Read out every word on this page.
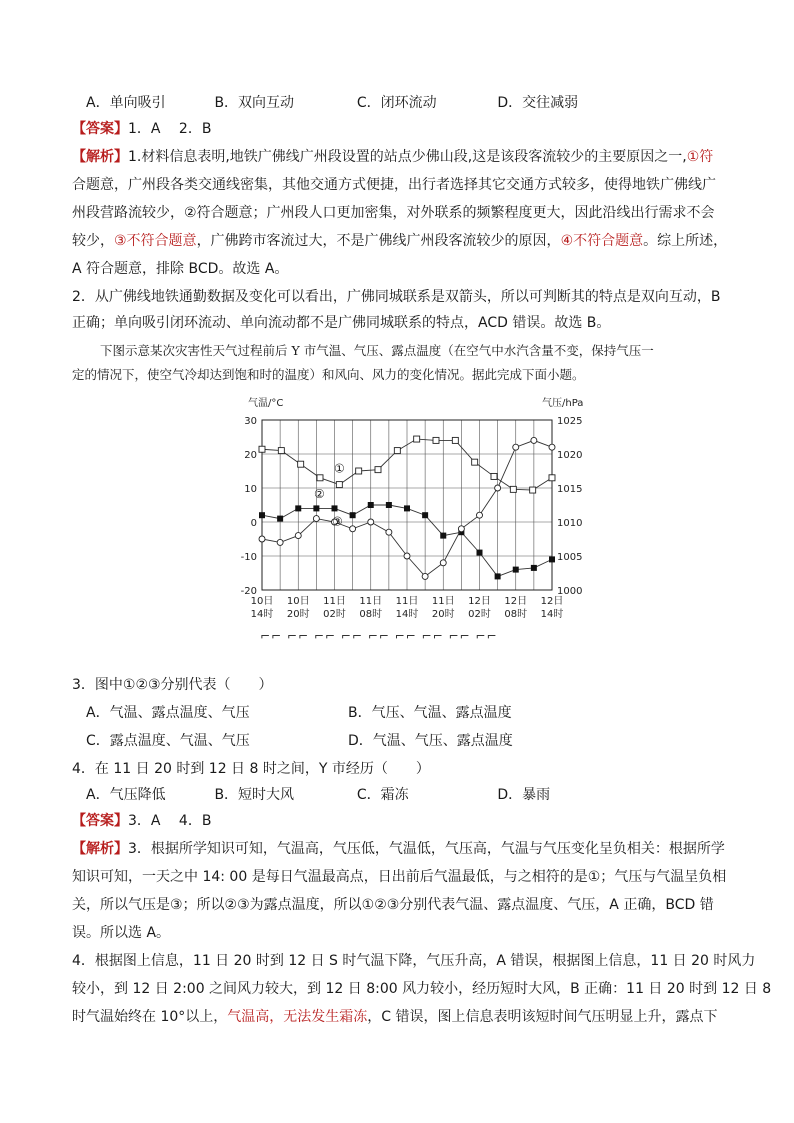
A．单向吸引	B．双向互动	C．闭环流动	D．交往减弱
【答案】1．A　 2．B
【解析】1.材料信息表明,地铁广佛线广州段设置的站点少佛山段,这是该段客流较少的主要原因之一,①符
合题意，广州段各类交通线密集，其他交通方式便捷，出行者选择其它交通方式较多，使得地铁广佛线广
州段营路流较少，②符合题意；广州段人口更加密集，对外联系的频繁程度更大，因此沿线出行需求不会
较少，③不符合题意，广佛跨市客流过大，不是广佛线广州段客流较少的原因，④不符合题意。综上所述，
A 符合题意，排除 BCD。故选 A。
2．从广佛线地铁通勤数据及变化可以看出，广佛同城联系是双箭头，所以可判断其的特点是双向互动，B
正确；单向吸引闭环流动、单向流动都不是广佛同城联系的特点，ACD 错误。故选 B。
下图示意某次灾害性天气过程前后 Y 市气温、气压、露点温度（在空气中水汽含量不变，保持气压一
定的情况下，使空气冷却达到饱和时的温度）和风向、风力的变化情况。据此完成下面小题。
30
20
10
0
-10
-20
1025
1020
1015
1010
1005
1000
气温/°C	气压/hPa
10日
14时
10日
20时
11日
02时
11日
08时
11日
14时
11日
20时
12日
02时
12日
08时
12日
14时
①
②
③
⌐⌐ ⌐⌐ ⌐⌐ ⌐⌐ ⌐⌐ ⌐⌐ ⌐⌐ ⌐⌐ ⌐⌐
3．图中①②③分别代表（　　）
A．气温、露点温度、气压	B．气压、气温、露点温度
C．露点温度、气温、气压	D．气温、气压、露点温度
4．在 11 日 20 时到 12 日 8 时之间，Y 市经历（　　）
A．气压降低	B．短时大风	C．霜冻	D．暴雨
【答案】3．A　 4．B
【解析】3．根据所学知识可知，气温高，气压低，气温低，气压高，气温与气压变化呈负相关：根据所学
知识可知，一天之中 14: 00 是每日气温最高点，日出前后气温最低，与之相符的是①；气压与气温呈负相
关，所以气压是③；所以②③为露点温度，所以①②③分别代表气温、露点温度、气压，A 正确，BCD 错
误。所以选 A。
4．根据图上信息，11 日 20 时到 12 日 S 时气温下降，气压升高，A 错误，根据图上信息，11 日 20 时风力
较小，到 12 日 2:00 之间风力较大，到 12 日 8:00 风力较小，经历短时大风，B 正确：11 日 20 时到 12 日 8
时气温始终在 10°以上，气温高，无法发生霜冻，C 错误，图上信息表明该短时间气压明显上升，露点下
